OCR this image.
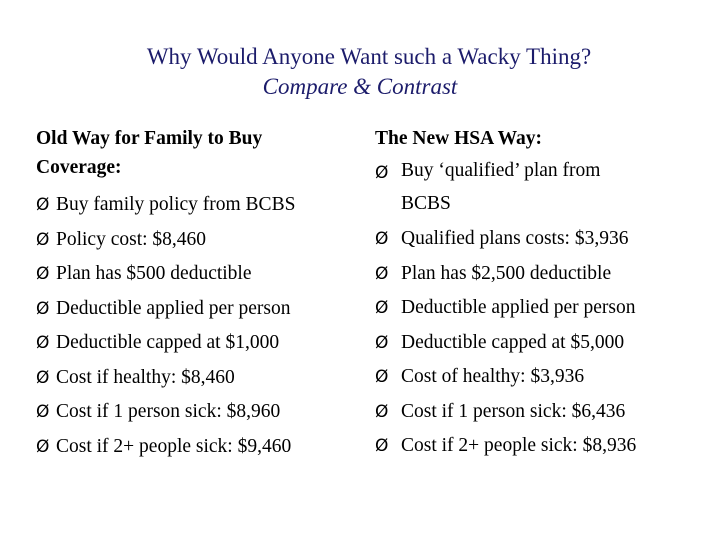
Why Would Anyone Want such a Wacky Thing?
Compare & Contrast
Old Way for Family to Buy
Coverage:
Ø Buy family policy from BCBS
Ø Policy cost: $8,460
Ø Plan has $500 deductible
Ø Deductible applied per person
Ø Deductible capped at $1,000
Ø Cost if healthy: $8,460
Ø Cost if 1 person sick: $8,960
Ø Cost if 2+ people sick: $9,460
The New HSA Way:
Ø Buy ‘qualified’ plan from
BCBS
Ø Qualified plans costs: $3,936
Ø Plan has $2,500 deductible
Ø Deductible applied per person
Ø Deductible capped at $5,000
Ø Cost of healthy: $3,936
Ø Cost if 1 person sick: $6,436
Ø Cost if 2+ people sick: $8,936
